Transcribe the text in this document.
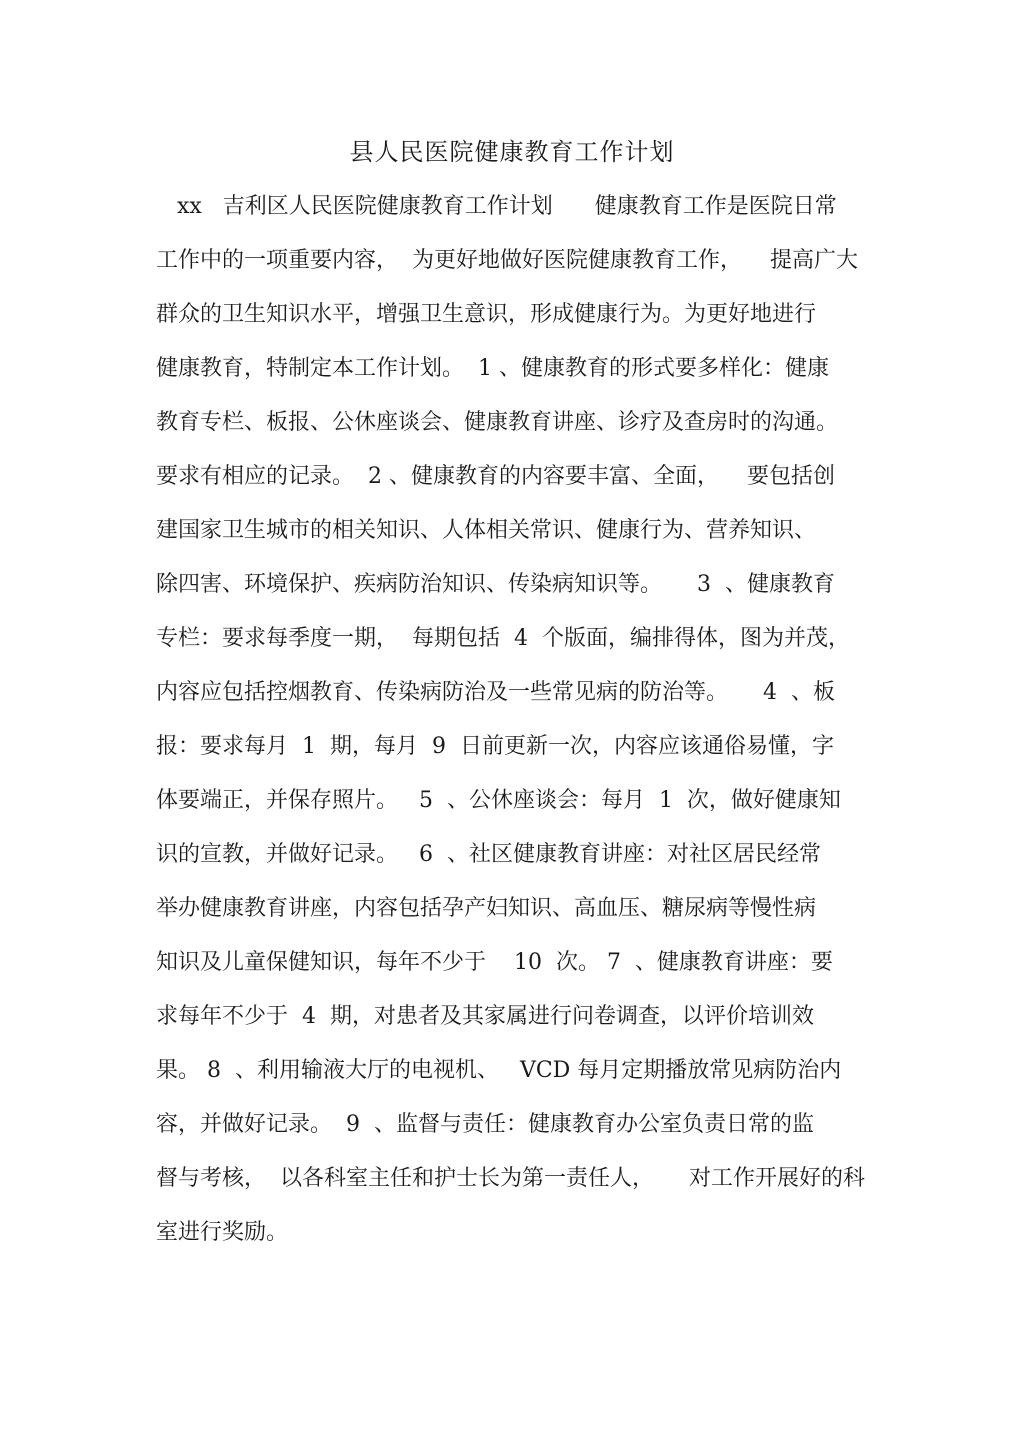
县人民医院健康教育工作计划
xx   吉利区人民医院健康教育工作计划      健康教育工作是医院日常
工作中的一项重要内容，  为更好地做好医院健康教育工作，    提高广大
群众的卫生知识水平，增强卫生意识，形成健康行为。为更好地进行
健康教育，特制定本工作计划。  1 、健康教育的形式要多样化：健康
教育专栏、板报、公休座谈会、健康教育讲座、诊疗及查房时的沟通。
要求有相应的记录。  2 、健康教育的内容要丰富、全面，    要包括创
建国家卫生城市的相关知识、人体相关常识、健康行为、营养知识、
除四害、环境保护、疾病防治知识、传染病知识等。     3  、健康教育
专栏：要求每季度一期，  每期包括  4  个版面，编排得体，图为并茂，
内容应包括控烟教育、传染病防治及一些常见病的防治等。     4  、板
报：要求每月  1  期，每月  9  日前更新一次，内容应该通俗易懂，字
体要端正，并保存照片。   5  、公休座谈会：每月  1  次，做好健康知
识的宣教，并做好记录。   6  、社区健康教育讲座：对社区居民经常
举办健康教育讲座，内容包括孕产妇知识、高血压、糖尿病等慢性病
知识及儿童保健知识，每年不少于    10  次。 7  、健康教育讲座：要
求每年不少于  4  期，对患者及其家属进行问卷调查，以评价培训效
果。 8  、利用输液大厅的电视机、   VCD 每月定期播放常见病防治内
容，并做好记录。  9  、监督与责任：健康教育办公室负责日常的监
督与考核，  以各科室主任和护士长为第一责任人，     对工作开展好的科
室进行奖励。
